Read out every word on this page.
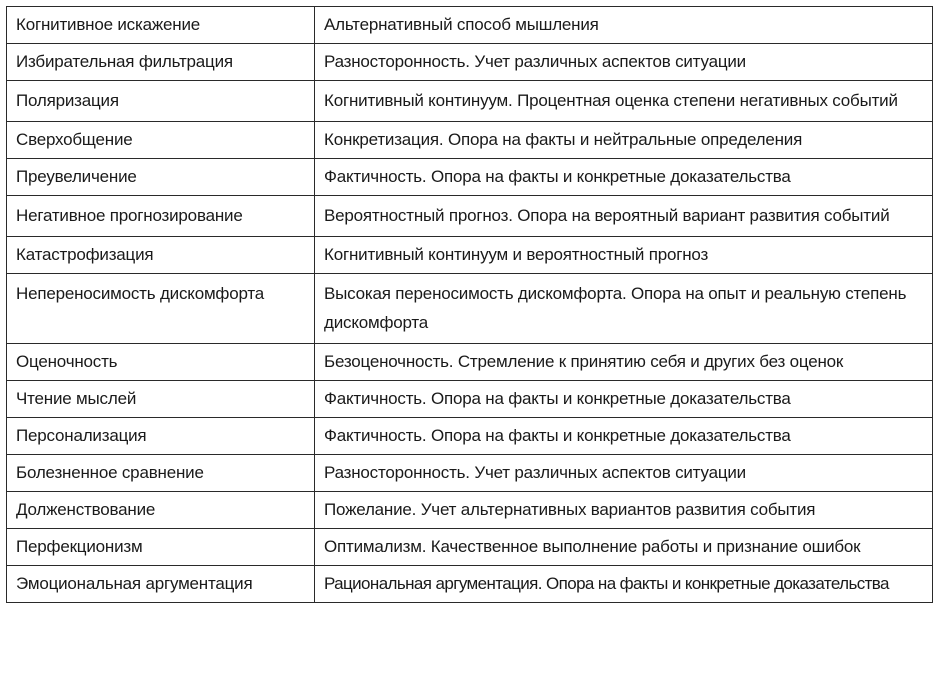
Когнитивное искажение	Альтернативный способ мышления
Избирательная фильтрация	Разносторонность. Учет различных аспектов ситуации
Поляризация	Когнитивный континуум. Процентная оценка степени негативных событий
Сверхобщение	Конкретизация. Опора на факты и нейтральные определения
Преувеличение	Фактичность. Опора на факты и конкретные доказательства
Негативное прогнозирование	Вероятностный прогноз. Опора на вероятный вариант развития событий
Катастрофизация	Когнитивный континуум и вероятностный прогноз
Непереносимость дискомфорта	Высокая переносимость дискомфорта. Опора на опыт и реальную степень дискомфорта
Оценочность	Безоценочность. Стремление к принятию себя и других без оценок
Чтение мыслей	Фактичность. Опора на факты и конкретные доказательства
Персонализация	Фактичность. Опора на факты и конкретные доказательства
Болезненное сравнение	Разносторонность. Учет различных аспектов ситуации
Долженствование	Пожелание. Учет альтернативных вариантов развития события
Перфекционизм	Оптимализм. Качественное выполнение работы и признание ошибок
Эмоциональная аргументация	Рациональная аргументация. Опора на факты и конкретные доказательства
